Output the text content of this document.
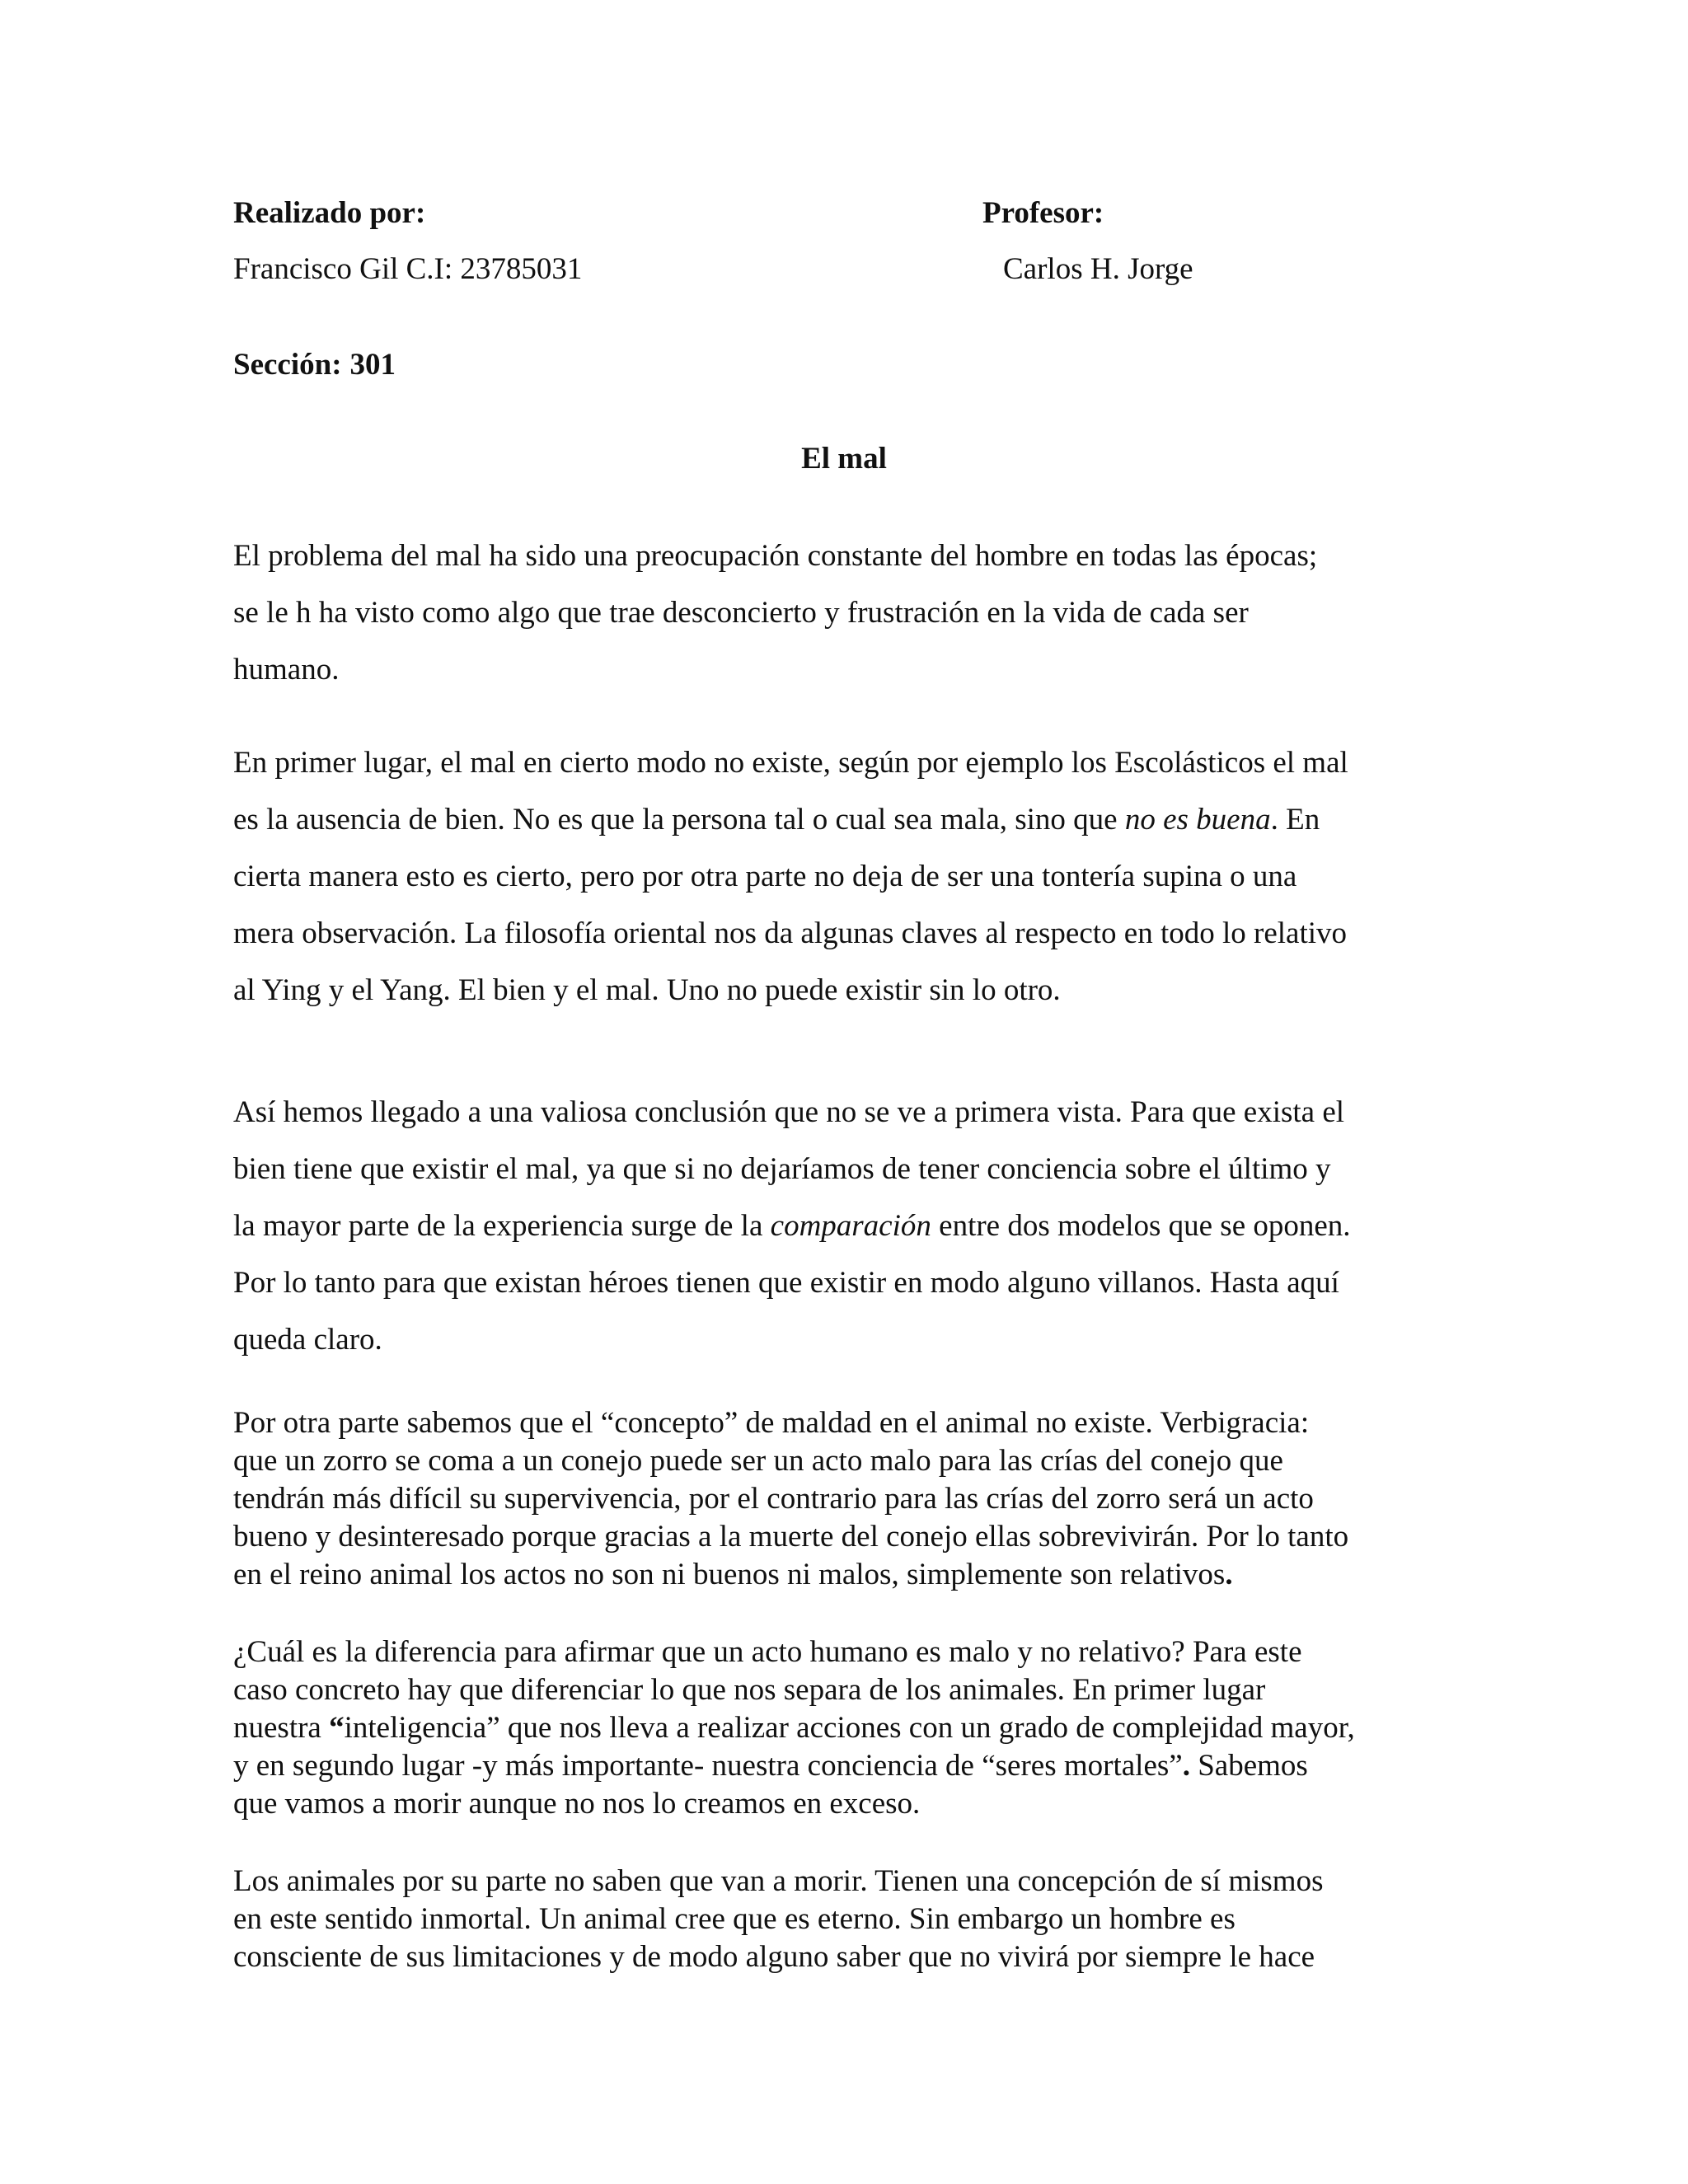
Realizado por:
Francisco Gil C.I: 23785031
Profesor:
Carlos H. Jorge
Sección: 301
El mal

El problema del mal ha sido una preocupación constante del hombre en todas las épocas;
se le h ha visto como algo que trae desconcierto y frustración en la vida de cada ser
humano.

En primer lugar, el mal en cierto modo no existe, según por ejemplo los Escolásticos el mal
es la ausencia de bien. No es que la persona tal o cual sea mala, sino que no es buena. En
cierta manera esto es cierto, pero por otra parte no deja de ser una tontería supina o una
mera observación. La filosofía oriental nos da algunas claves al respecto en todo lo relativo
al Ying y el Yang. El bien y el mal. Uno no puede existir sin lo otro.

Así hemos llegado a una valiosa conclusión que no se ve a primera vista. Para que exista el
bien tiene que existir el mal, ya que si no dejaríamos de tener conciencia sobre el último y
la mayor parte de la experiencia surge de la comparación entre dos modelos que se oponen.
Por lo tanto para que existan héroes tienen que existir en modo alguno villanos. Hasta aquí
queda claro.

Por otra parte sabemos que el “concepto” de maldad en el animal no existe. Verbigracia:
que un zorro se coma a un conejo puede ser un acto malo para las crías del conejo que
tendrán más difícil su supervivencia, por el contrario para las crías del zorro será un acto
bueno y desinteresado porque gracias a la muerte del conejo ellas sobrevivirán. Por lo tanto
en el reino animal los actos no son ni buenos ni malos, simplemente son relativos.

¿Cuál es la diferencia para afirmar que un acto humano es malo y no relativo? Para este
caso concreto hay que diferenciar lo que nos separa de los animales. En primer lugar
nuestra “inteligencia” que nos lleva a realizar acciones con un grado de complejidad mayor,
y en segundo lugar -y más importante- nuestra conciencia de “seres mortales”. Sabemos
que vamos a morir aunque no nos lo creamos en exceso.

Los animales por su parte no saben que van a morir. Tienen una concepción de sí mismos
en este sentido inmortal. Un animal cree que es eterno. Sin embargo un hombre es
consciente de sus limitaciones y de modo alguno saber que no vivirá por siempre le hace
